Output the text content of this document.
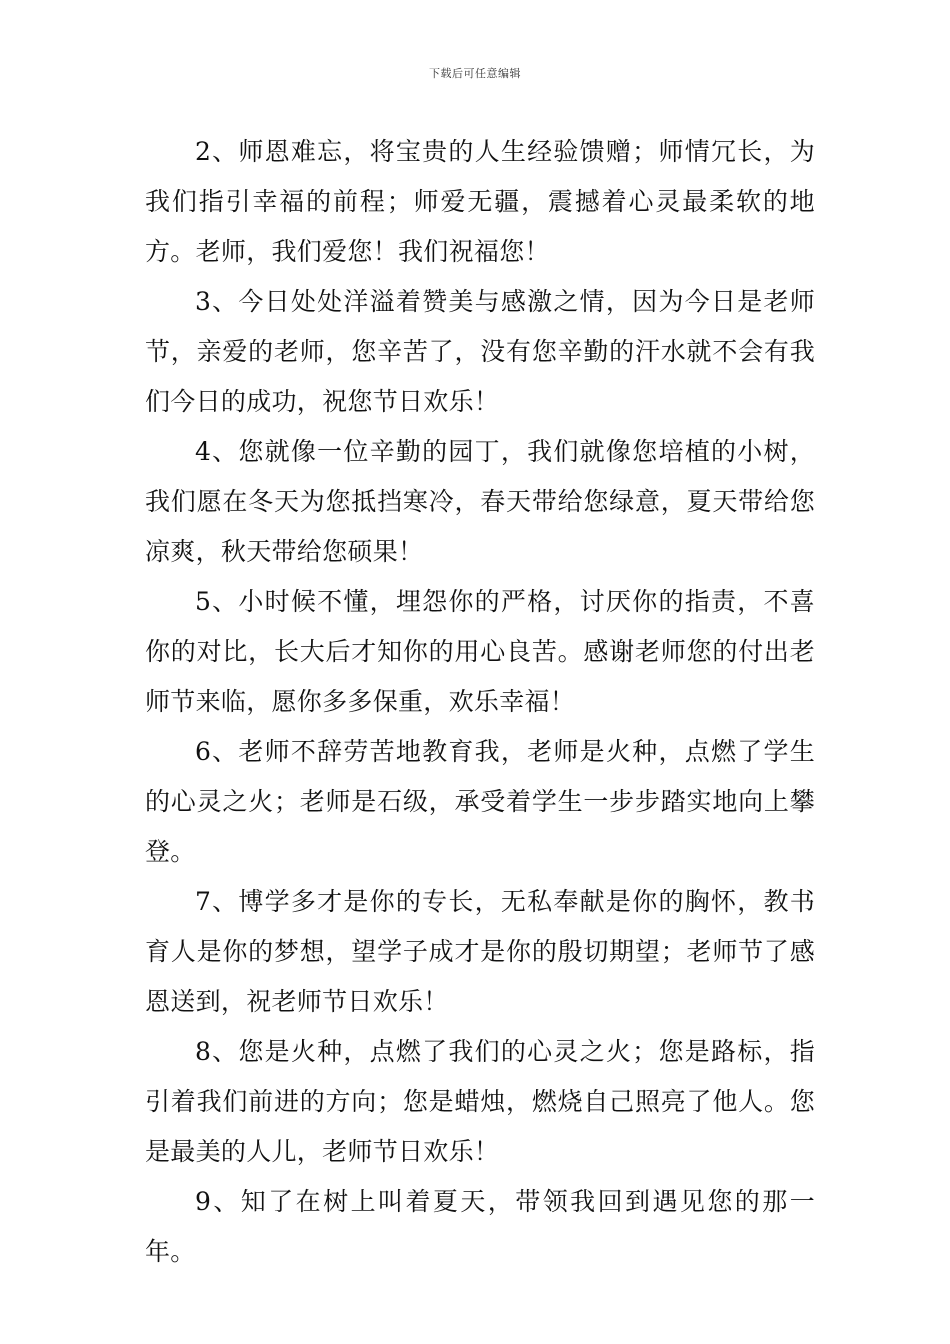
下载后可任意编辑

2、师恩难忘，将宝贵的人生经验馈赠；师情冗长，为我们指引幸福的前程；师爱无疆，震撼着心灵最柔软的地方。老师，我们爱您！我们祝福您！

3、今日处处洋溢着赞美与感激之情，因为今日是老师节，亲爱的老师，您辛苦了，没有您辛勤的汗水就不会有我们今日的成功，祝您节日欢乐！

4、您就像一位辛勤的园丁，我们就像您培植的小树，我们愿在冬天为您抵挡寒冷，春天带给您绿意，夏天带给您凉爽，秋天带给您硕果！

5、小时候不懂，埋怨你的严格，讨厌你的指责，不喜你的对比，长大后才知你的用心良苦。感谢老师您的付出老师节来临，愿你多多保重，欢乐幸福！

6、老师不辞劳苦地教育我，老师是火种，点燃了学生的心灵之火；老师是石级，承受着学生一步步踏实地向上攀登。

7、博学多才是你的专长，无私奉献是你的胸怀，教书育人是你的梦想，望学子成才是你的殷切期望；老师节了感恩送到，祝老师节日欢乐！

8、您是火种，点燃了我们的心灵之火；您是路标，指引着我们前进的方向；您是蜡烛，燃烧自己照亮了他人。您是最美的人儿，老师节日欢乐！

9、知了在树上叫着夏天，带领我回到遇见您的那一年。
